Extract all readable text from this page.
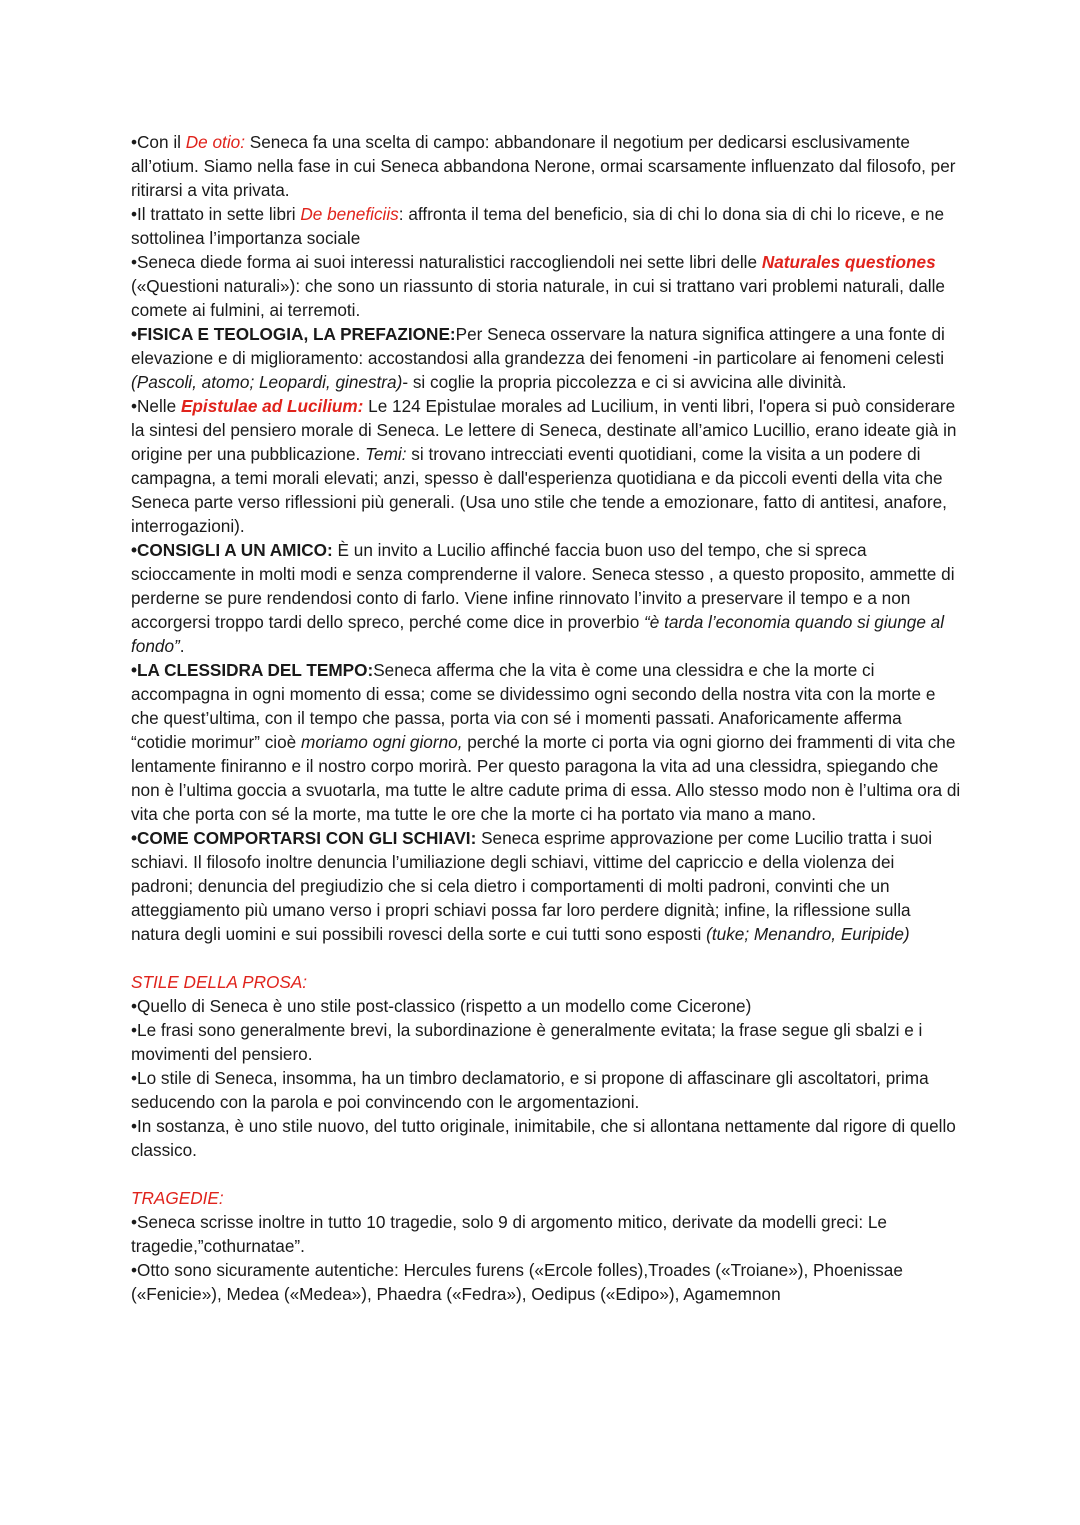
•Con il De otio: Seneca fa una scelta di campo: abbandonare il negotium per dedicarsi esclusivamente all’otium. Siamo nella fase in cui Seneca abbandona Nerone, ormai scarsamente influenzato dal filosofo, per ritirarsi a vita privata.

•Il trattato in sette libri De beneficiis: affronta il tema del beneficio, sia di chi lo dona sia di chi lo riceve, e ne sottolinea l’importanza sociale

•Seneca diede forma ai suoi interessi naturalistici raccogliendoli nei sette libri delle Naturales questiones («Questioni naturali»): che sono un riassunto di storia naturale, in cui si trattano vari problemi naturali, dalle comete ai fulmini, ai terremoti.

•FISICA E TEOLOGIA, LA PREFAZIONE:Per Seneca osservare la natura significa attingere a una fonte di elevazione e di miglioramento: accostandosi alla grandezza dei fenomeni -in particolare ai fenomeni celesti (Pascoli, atomo; Leopardi, ginestra)- si coglie la propria piccolezza e ci si avvicina alle divinità.

•Nelle Epistulae ad Lucilium: Le 124 Epistulae morales ad Lucilium, in venti libri, l'opera si può considerare la sintesi del pensiero morale di Seneca. Le lettere di Seneca, destinate all’amico Lucillio, erano ideate già in origine per una pubblicazione. Temi: si trovano intrecciati eventi quotidiani, come la visita a un podere di campagna, a temi morali elevati; anzi, spesso è dall'esperienza quotidiana e da piccoli eventi della vita che Seneca parte verso riflessioni più generali. (Usa uno stile che tende a emozionare, fatto di antitesi, anafore, interrogazioni).

•CONSIGLI A UN AMICO: È un invito a Lucilio affinché faccia buon uso del tempo, che si spreca scioccamente in molti modi e senza comprenderne il valore. Seneca stesso , a questo proposito, ammette di perderne se pure rendendosi conto di farlo. Viene infine rinnovato l’invito a preservare il tempo e a non accorgersi troppo tardi dello spreco, perché come dice in proverbio “è tarda l’economia quando si giunge al fondo”.

•LA CLESSIDRA DEL TEMPO:Seneca afferma che la vita è come una clessidra e che la morte ci accompagna in ogni momento di essa; come se dividessimo ogni secondo della nostra vita con la morte e che quest’ultima, con il tempo che passa, porta via con sé i momenti passati. Anaforicamente afferma “cotidie morimur” cioè moriamo ogni giorno, perché la morte ci porta via ogni giorno dei frammenti di vita che lentamente finiranno e il nostro corpo morirà. Per questo paragona la vita ad una clessidra, spiegando che non è l’ultima goccia a svuotarla, ma tutte le altre cadute prima di essa. Allo stesso modo non è l’ultima ora di vita che porta con sé la morte, ma tutte le ore che la morte ci ha portato via mano a mano.

•COME COMPORTARSI CON GLI SCHIAVI: Seneca esprime approvazione per come Lucilio tratta i suoi schiavi. Il filosofo inoltre denuncia l’umiliazione degli schiavi, vittime del capriccio e della violenza dei padroni; denuncia del pregiudizio che si cela dietro i comportamenti di molti padroni, convinti che un atteggiamento più umano verso i propri schiavi possa far loro perdere dignità; infine, la riflessione sulla natura degli uomini e sui possibili rovesci della sorte e cui tutti sono esposti (tuke; Menandro, Euripide)

STILE DELLA PROSA:

•Quello di Seneca è uno stile post-classico (rispetto a un modello come Cicerone)

•Le frasi sono generalmente brevi, la subordinazione è generalmente evitata; la frase segue gli sbalzi e i movimenti del pensiero.

•Lo stile di Seneca, insomma, ha un timbro declamatorio, e si propone di affascinare gli ascoltatori, prima seducendo con la parola e poi convincendo con le argomentazioni.

•In sostanza, è uno stile nuovo, del tutto originale, inimitabile, che si allontana nettamente dal rigore di quello classico.

TRAGEDIE:

•Seneca scrisse inoltre in tutto 10 tragedie, solo 9 di argomento mitico, derivate da modelli greci: Le tragedie,”cothurnatae”.

•Otto sono sicuramente autentiche: Hercules furens («Ercole folles),Troades («Troiane»), Phoenissae («Fenicie»), Medea («Medea»), Phaedra («Fedra»), Oedipus («Edipo»), Agamemnon
